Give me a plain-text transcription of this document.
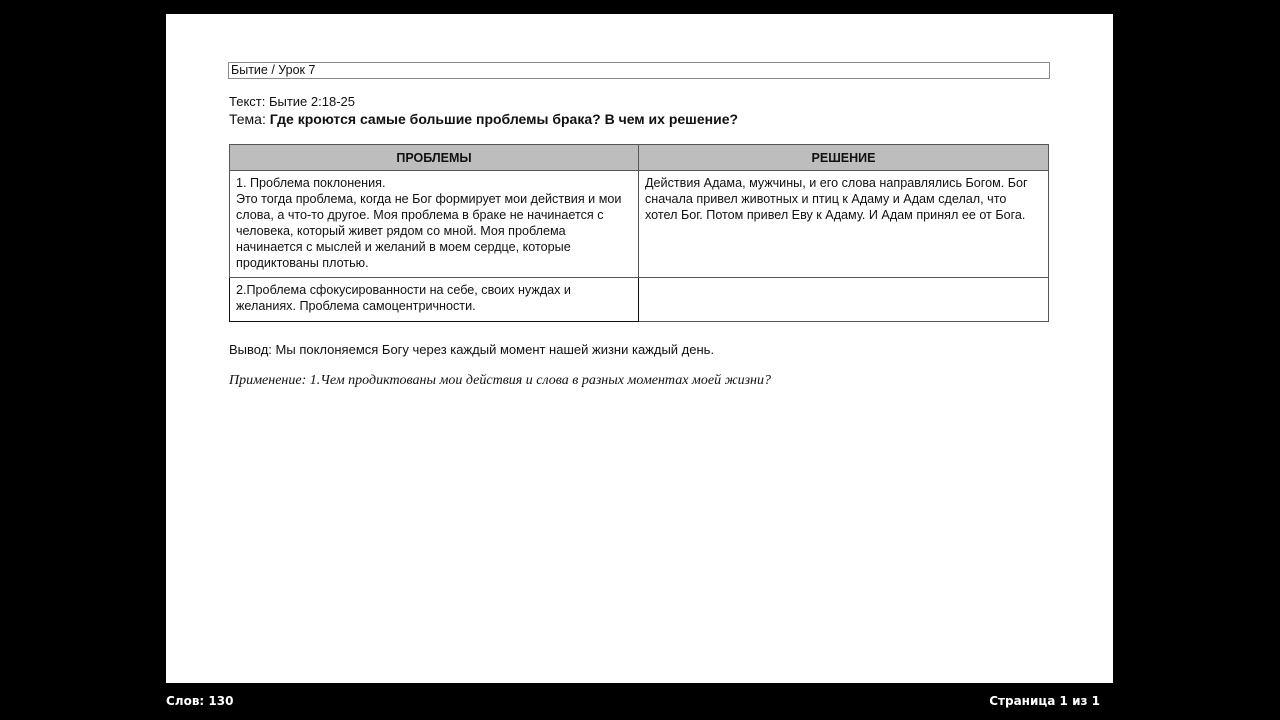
Бытие / Урок 7
Текст: Бытие 2:18-25
Тема: Где кроются самые большие проблемы брака? В чем их решение?
ПРОБЛЕМЫ	РЕШЕНИЕ
1. Проблема поклонения.
Это тогда проблема, когда не Бог формирует мои действия и мои слова, а что-то другое. Моя проблема в браке не начинается с человека, который живет рядом со мной. Моя проблема начинается с мыслей и желаний в моем сердце, которые продиктованы плотью.	Действия Адама, мужчины, и его слова направлялись Богом. Бог сначала привел животных и птиц к Адаму и Адам сделал, что хотел Бог. Потом привел Еву к Адаму. И Адам принял ее от Бога.
2.Проблема сфокусированности на себе, своих нуждах и желаниях. Проблема самоцентричности.	
Вывод: Мы поклоняемся Богу через каждый момент нашей жизни каждый день.
Применение: 1.Чем продиктованы мои действия и слова в разных моментах моей жизни?
Слов: 130	Страница 1 из 1
